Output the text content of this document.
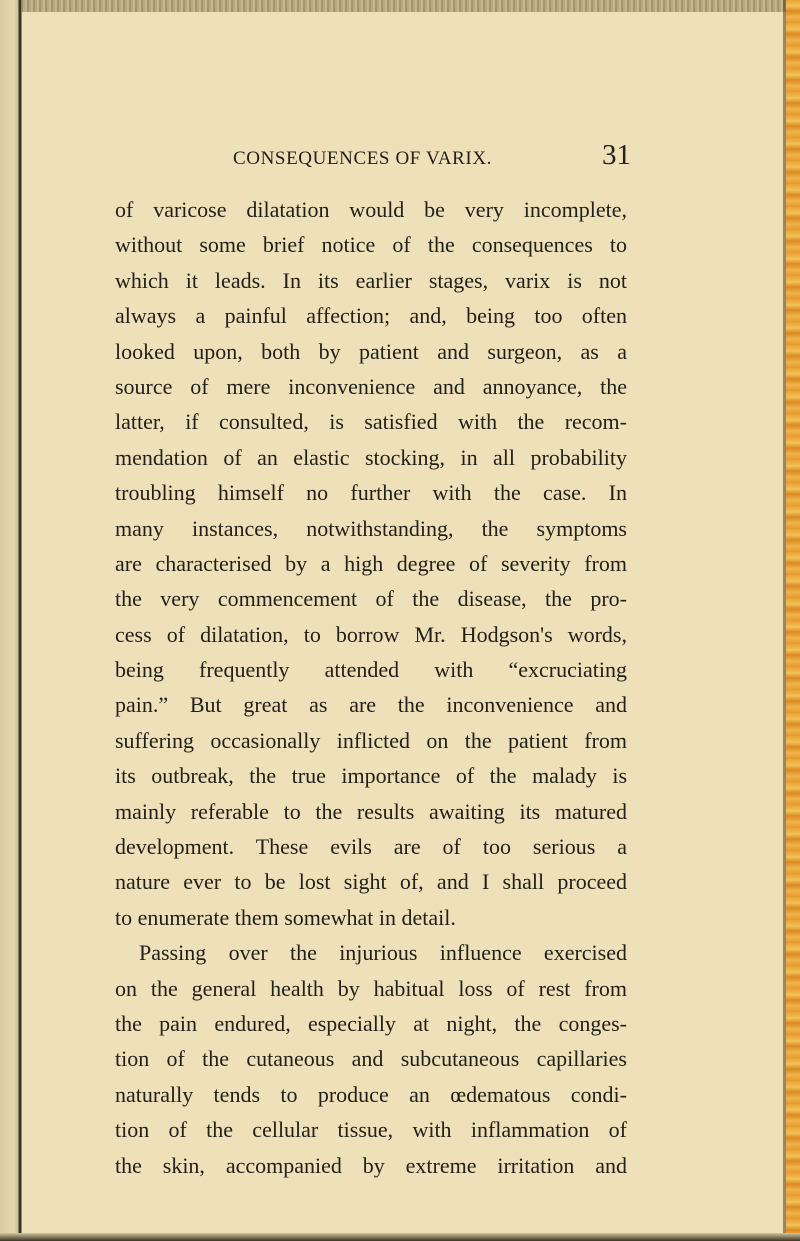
CONSEQUENCES OF VARIX.	31
of varicose dilatation would be very incomplete,
without some brief notice of the consequences to
which it leads. In its earlier stages, varix is not
always a painful affection; and, being too often
looked upon, both by patient and surgeon, as a
source of mere inconvenience and annoyance, the
latter, if consulted, is satisfied with the recom-
mendation of an elastic stocking, in all probability
troubling himself no further with the case. In
many instances, notwithstanding, the symptoms
are characterised by a high degree of severity from
the very commencement of the disease, the pro-
cess of dilatation, to borrow Mr. Hodgson's words,
being frequently attended with “excruciating
pain.” But great as are the inconvenience and
suffering occasionally inflicted on the patient from
its outbreak, the true importance of the malady is
mainly referable to the results awaiting its matured
development. These evils are of too serious a
nature ever to be lost sight of, and I shall proceed
to enumerate them somewhat in detail.
Passing over the injurious influence exercised
on the general health by habitual loss of rest from
the pain endured, especially at night, the conges-
tion of the cutaneous and subcutaneous capillaries
naturally tends to produce an œdematous condi-
tion of the cellular tissue, with inflammation of
the skin, accompanied by extreme irritation and
